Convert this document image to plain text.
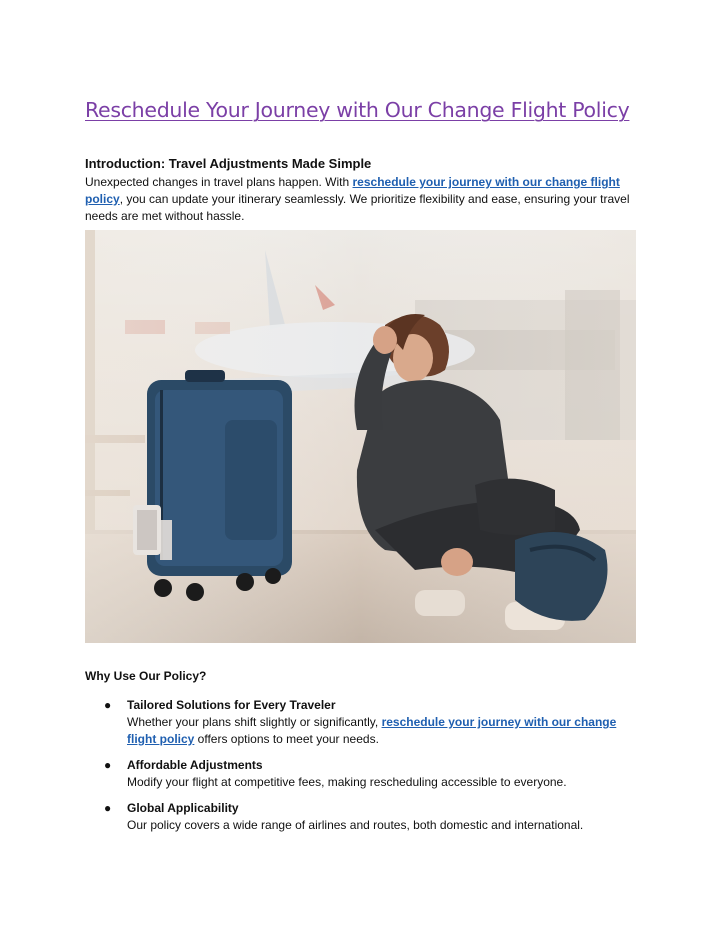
Reschedule Your Journey with Our Change Flight Policy
Introduction: Travel Adjustments Made Simple
Unexpected changes in travel plans happen. With reschedule your journey with our change flight policy, you can update your itinerary seamlessly. We prioritize flexibility and ease, ensuring your travel needs are met without hassle.
Why Use Our Policy?
● Tailored Solutions for Every Traveler
Whether your plans shift slightly or significantly, reschedule your journey with our change flight policy offers options to meet your needs.
● Affordable Adjustments
Modify your flight at competitive fees, making rescheduling accessible to everyone.
● Global Applicability
Our policy covers a wide range of airlines and routes, both domestic and international.
